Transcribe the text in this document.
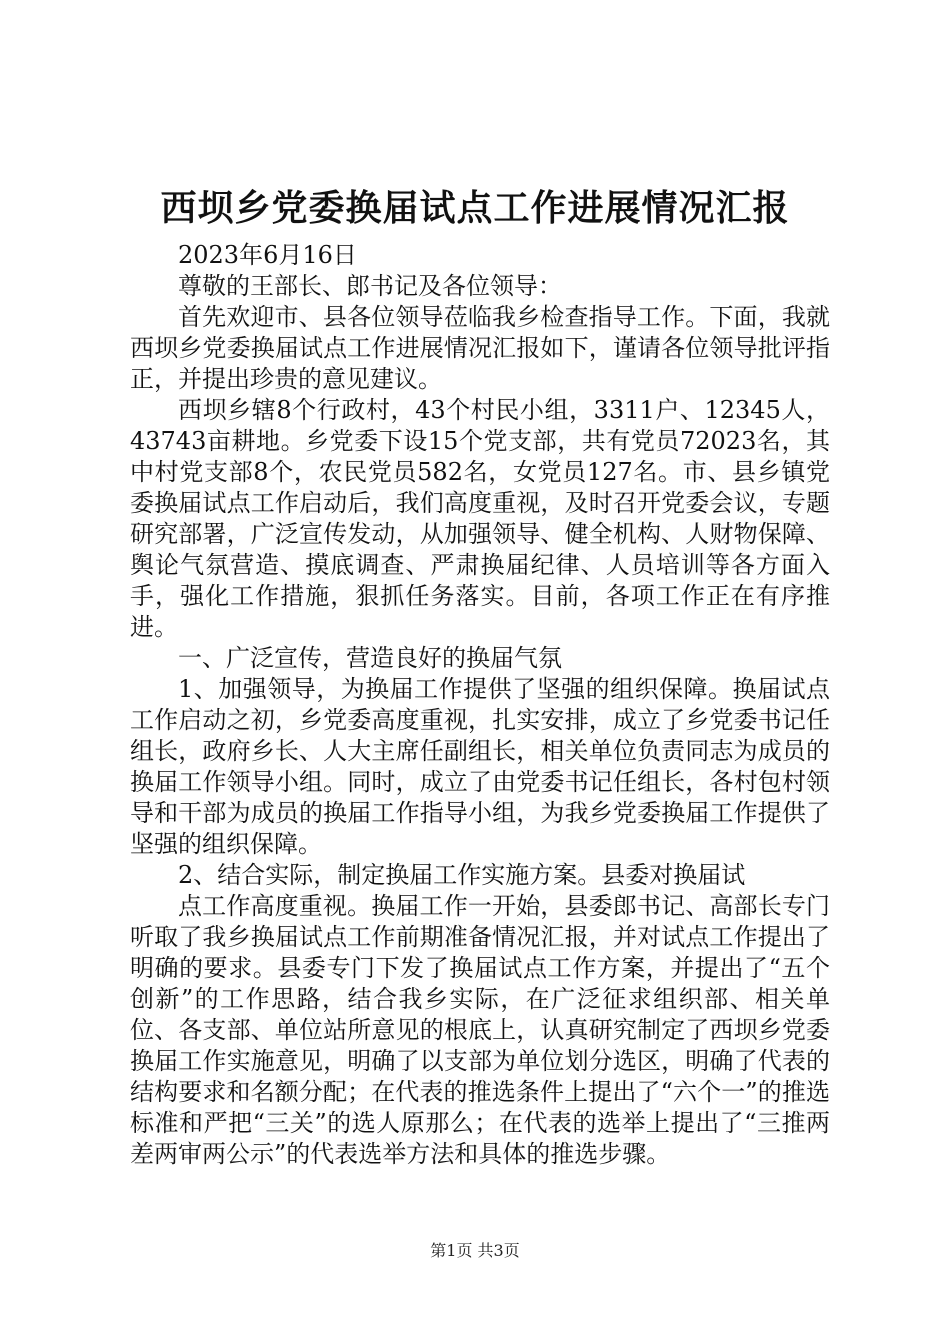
西坝乡党委换届试点工作进展情况汇报

2023年6月16日

尊敬的王部长、郎书记及各位领导：

首先欢迎市、县各位领导莅临我乡检查指导工作。下面，我就西坝乡党委换届试点工作进展情况汇报如下，谨请各位领导批评指正，并提出珍贵的意见建议。

西坝乡辖8个行政村，43个村民小组，3311户、12345人，43743亩耕地。乡党委下设15个党支部，共有党员72023名，其中村党支部8个，农民党员582名，女党员127名。市、县乡镇党委换届试点工作启动后，我们高度重视，及时召开党委会议，专题研究部署，广泛宣传发动，从加强领导、健全机构、人财物保障、舆论气氛营造、摸底调查、严肃换届纪律、人员培训等各方面入手，强化工作措施，狠抓任务落实。目前，各项工作正在有序推进。

一、广泛宣传，营造良好的换届气氛

1、加强领导，为换届工作提供了坚强的组织保障。换届试点工作启动之初，乡党委高度重视，扎实安排，成立了乡党委书记任组长，政府乡长、人大主席任副组长，相关单位负责同志为成员的换届工作领导小组。同时，成立了由党委书记任组长，各村包村领导和干部为成员的换届工作指导小组，为我乡党委换届工作提供了坚强的组织保障。

2、结合实际，制定换届工作实施方案。县委对换届试

点工作高度重视。换届工作一开始，县委郎书记、高部长专门听取了我乡换届试点工作前期准备情况汇报，并对试点工作提出了明确的要求。县委专门下发了换届试点工作方案，并提出了“五个创新”的工作思路，结合我乡实际，在广泛征求组织部、相关单位、各支部、单位站所意见的根底上，认真研究制定了西坝乡党委换届工作实施意见，明确了以支部为单位划分选区，明确了代表的结构要求和名额分配；在代表的推选条件上提出了“六个一”的推选标准和严把“三关”的选人原那么；在代表的选举上提出了“三推两差两审两公示”的代表选举方法和具体的推选步骤。

第1页 共3页
